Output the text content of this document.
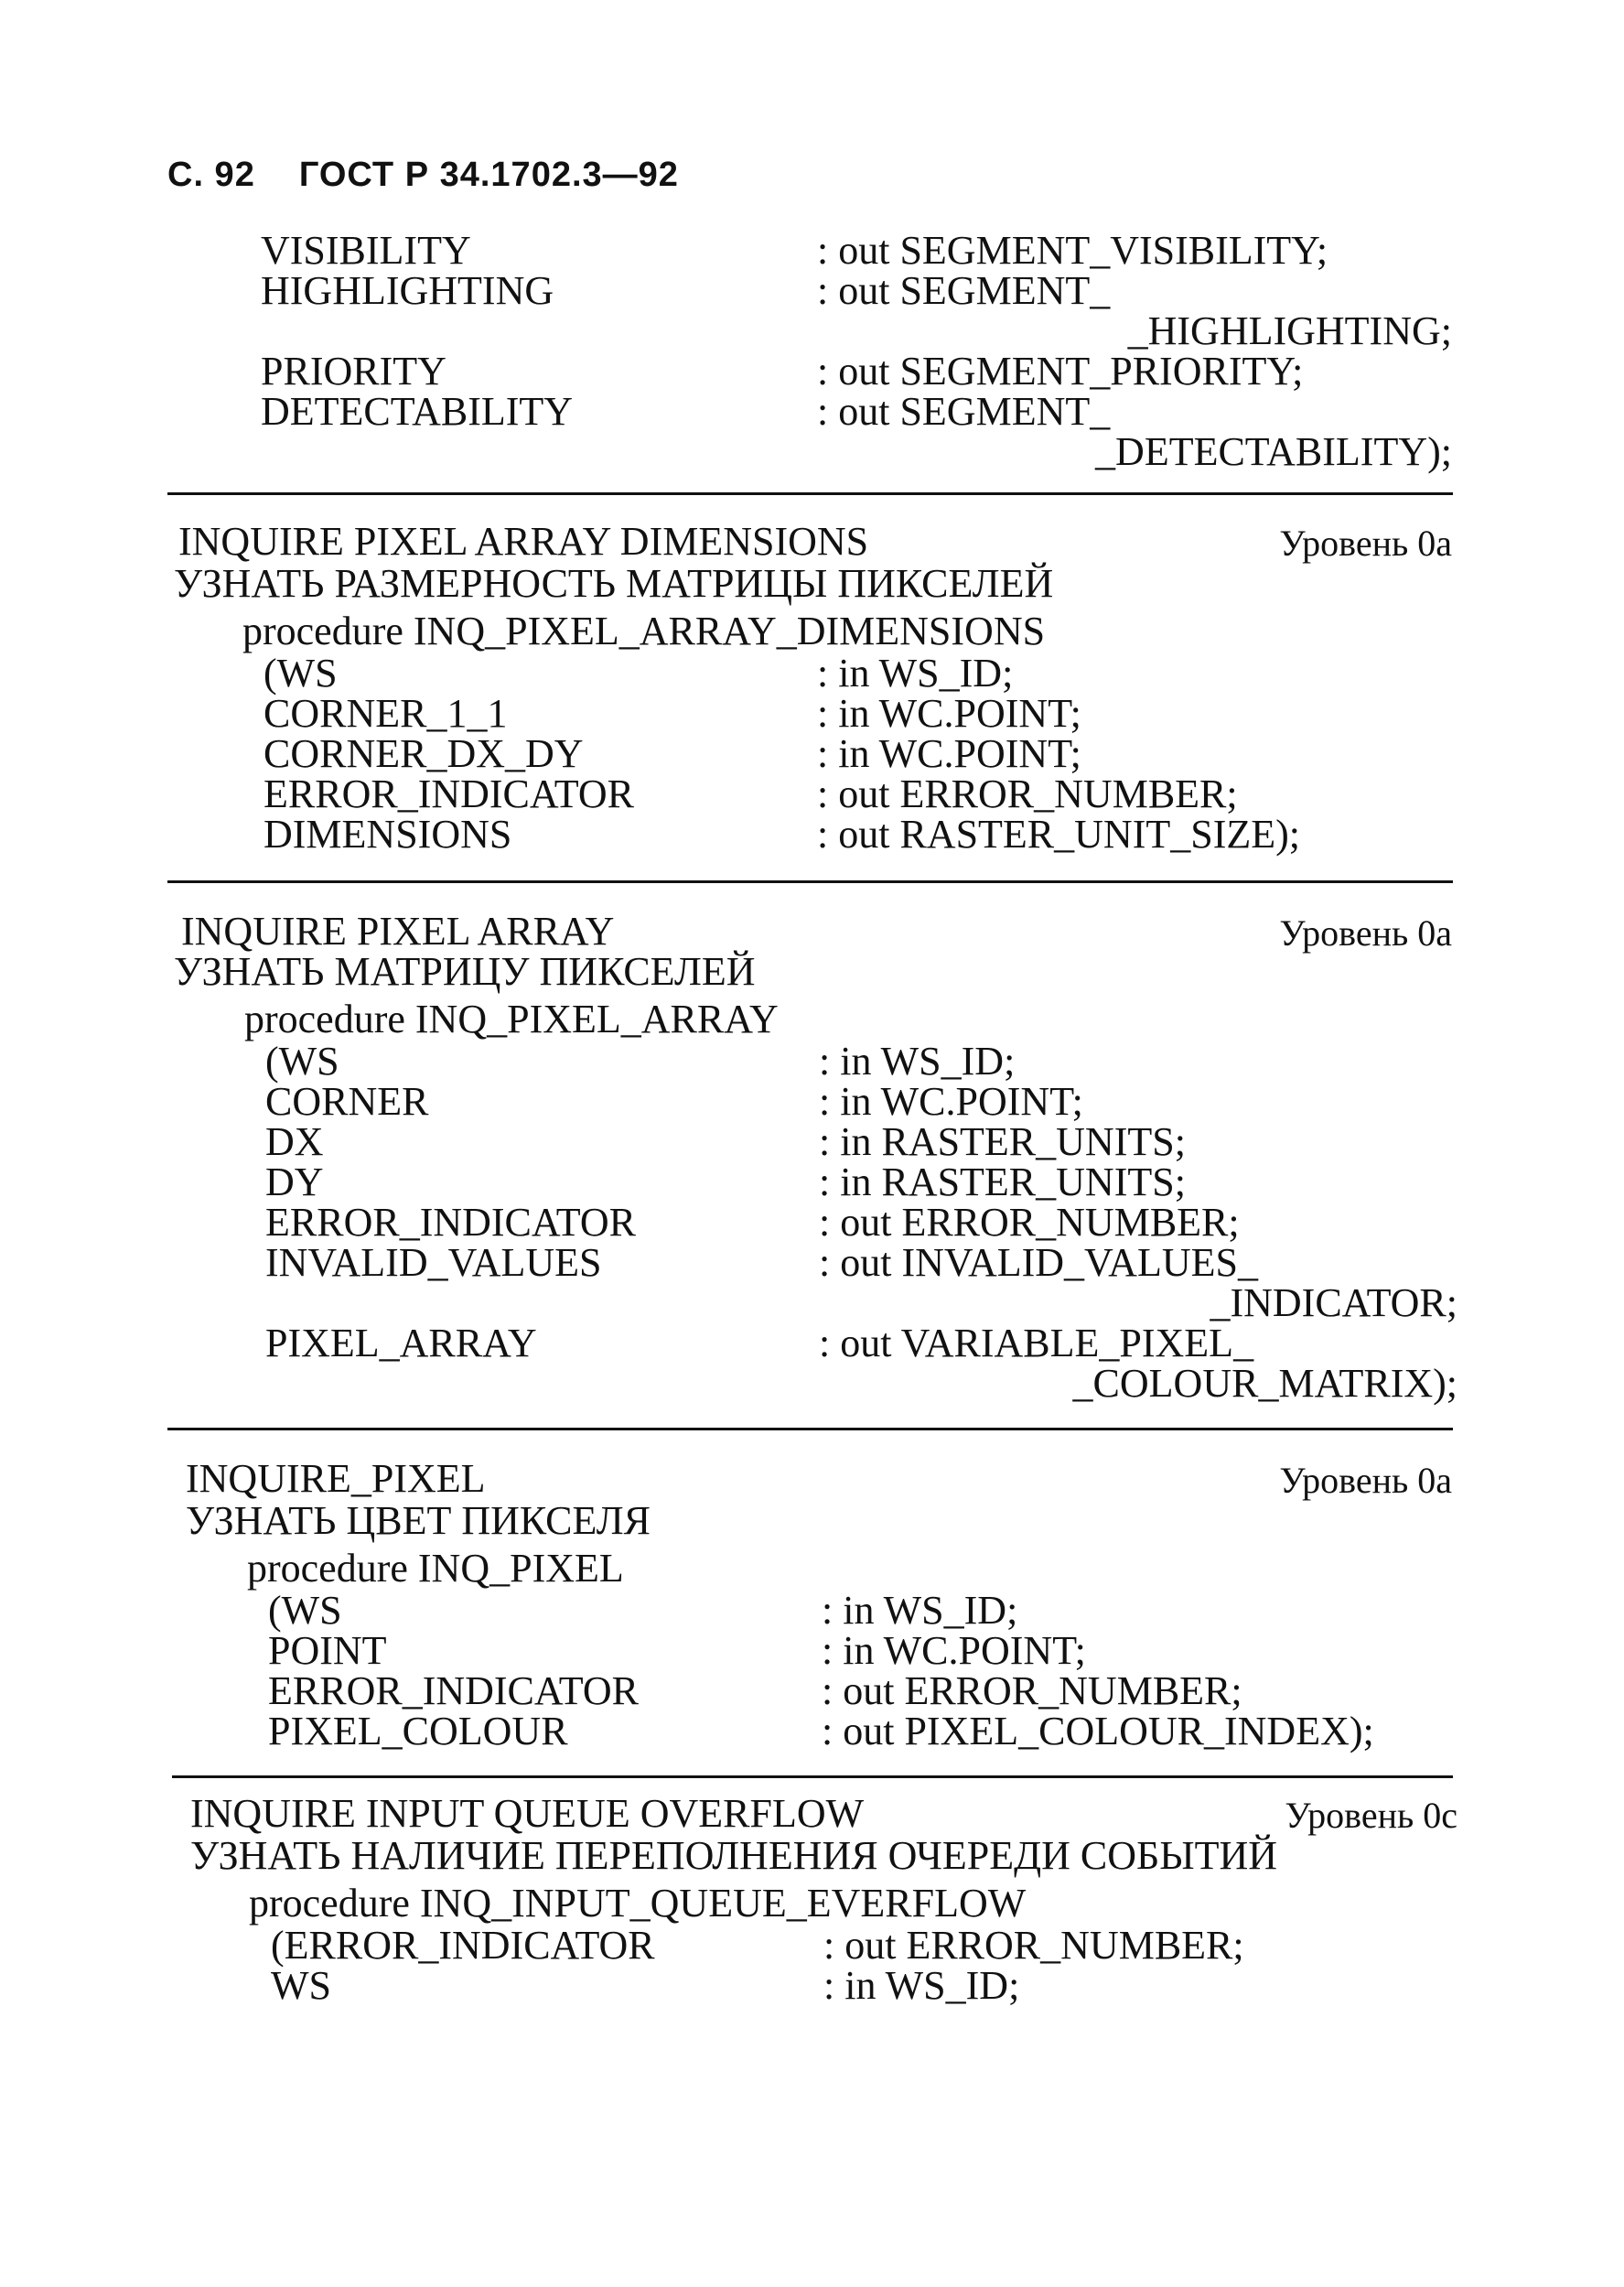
С. 92 ГОСТ Р 34.1702.3—92
VISIBILITY	: out SEGMENT_VISIBILITY;
HIGHLIGHTING	: out SEGMENT_
_HIGHLIGHTING;
PRIORITY	: out SEGMENT_PRIORITY;
DETECTABILITY	: out SEGMENT_
_DETECTABILITY);
INQUIRE PIXEL ARRAY DIMENSIONS	Уровень 0a
УЗНАТЬ РАЗМЕРНОСТЬ МАТРИЦЫ ПИКСЕЛЕЙ
procedure INQ_PIXEL_ARRAY_DIMENSIONS
(WS	: in WS_ID;
CORNER_1_1	: in WC.POINT;
CORNER_DX_DY	: in WC.POINT;
ERROR_INDICATOR	: out ERROR_NUMBER;
DIMENSIONS	: out RASTER_UNIT_SIZE);
INQUIRE PIXEL ARRAY	Уровень 0a
УЗНАТЬ МАТРИЦУ ПИКСЕЛЕЙ
procedure INQ_PIXEL_ARRAY
(WS	: in WS_ID;
CORNER	: in WC.POINT;
DX	: in RASTER_UNITS;
DY	: in RASTER_UNITS;
ERROR_INDICATOR	: out ERROR_NUMBER;
INVALID_VALUES	: out INVALID_VALUES_
_INDICATOR;
PIXEL_ARRAY	: out VARIABLE_PIXEL_
_COLOUR_MATRIX);
INQUIRE_PIXEL	Уровень 0a
УЗНАТЬ ЦВЕТ ПИКСЕЛЯ
procedure INQ_PIXEL
(WS	: in WS_ID;
POINT	: in WC.POINT;
ERROR_INDICATOR	: out ERROR_NUMBER;
PIXEL_COLOUR	: out PIXEL_COLOUR_INDEX);
INQUIRE INPUT QUEUE OVERFLOW	Уровень 0c
УЗНАТЬ НАЛИЧИЕ ПЕРЕПОЛНЕНИЯ ОЧЕРЕДИ СОБЫТИЙ
procedure INQ_INPUT_QUEUE_EVERFLOW
(ERROR_INDICATOR	: out ERROR_NUMBER;
WS	: in WS_ID;
